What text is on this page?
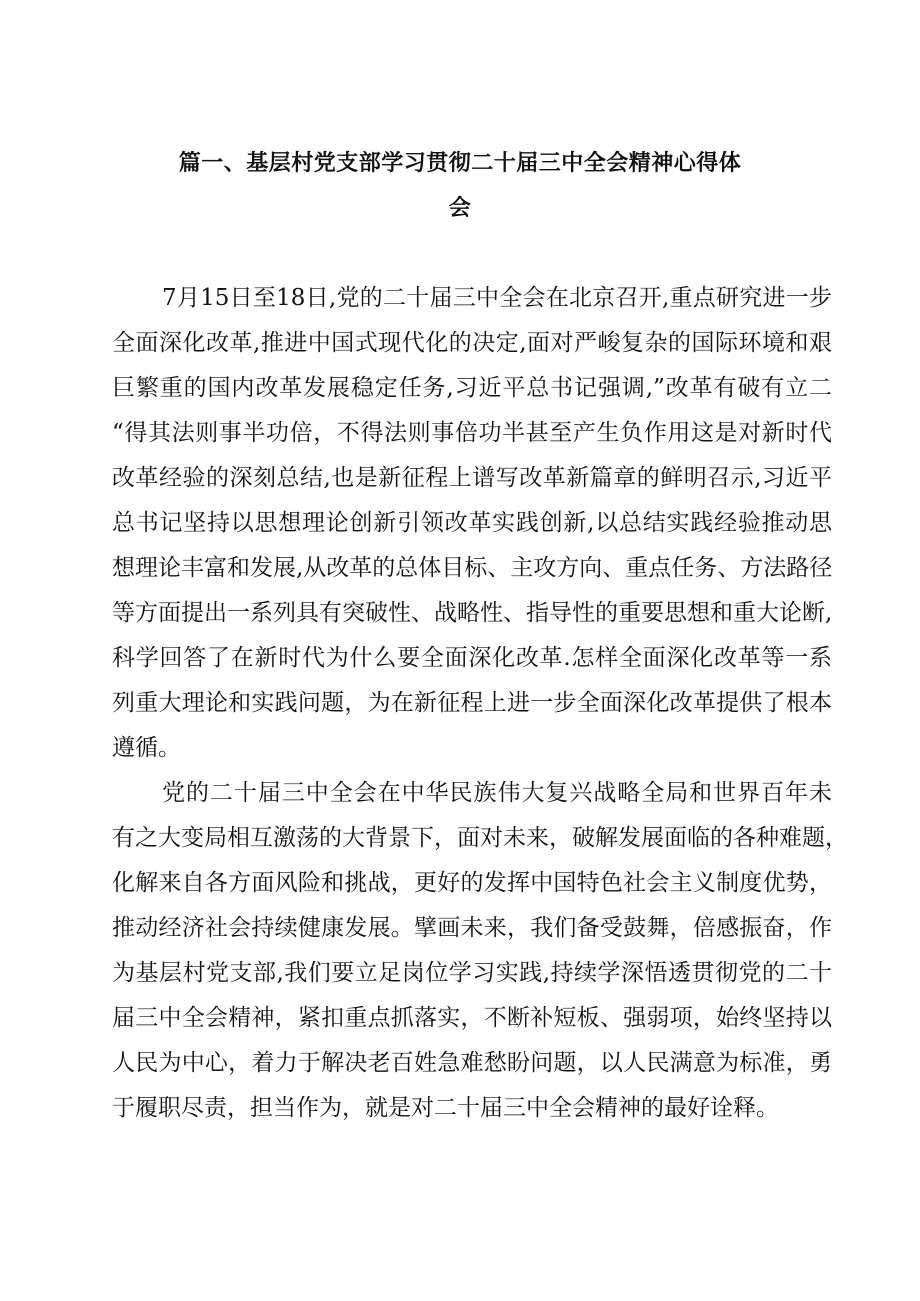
篇一、基层村党支部学习贯彻二十届三中全会精神心得体
会
7月15日至18日,党的二十届三中全会在北京召开,重点研究进一步
全面深化改革,推进中国式现代化的决定,面对严峻复杂的国际环境和艰
巨繁重的国内改革发展稳定任务,习近平总书记强调,”改革有破有立二
“得其法则事半功倍，不得法则事倍功半甚至产生负作用这是对新时代
改革经验的深刻总结,也是新征程上谱写改革新篇章的鲜明召示,习近平
总书记坚持以思想理论创新引领改革实践创新,以总结实践经验推动思
想理论丰富和发展,从改革的总体目标、主攻方向、重点任务、方法路径
等方面提出一系列具有突破性、战略性、指导性的重要思想和重大论断,
科学回答了在新时代为什么要全面深化改革.怎样全面深化改革等一系
列重大理论和实践问题，为在新征程上进一步全面深化改革提供了根本
遵循。
党的二十届三中全会在中华民族伟大复兴战略全局和世界百年未
有之大变局相互激荡的大背景下，面对未来，破解发展面临的各种难题，
化解来自各方面风险和挑战，更好的发挥中国特色社会主义制度优势，
推动经济社会持续健康发展。擘画未来，我们备受鼓舞，倍感振奋，作
为基层村党支部,我们要立足岗位学习实践,持续学深悟透贯彻党的二十
届三中全会精神，紧扣重点抓落实，不断补短板、强弱项，始终坚持以
人民为中心，着力于解决老百姓急难愁盼问题，以人民满意为标准，勇
于履职尽责，担当作为，就是对二十届三中全会精神的最好诠释。
